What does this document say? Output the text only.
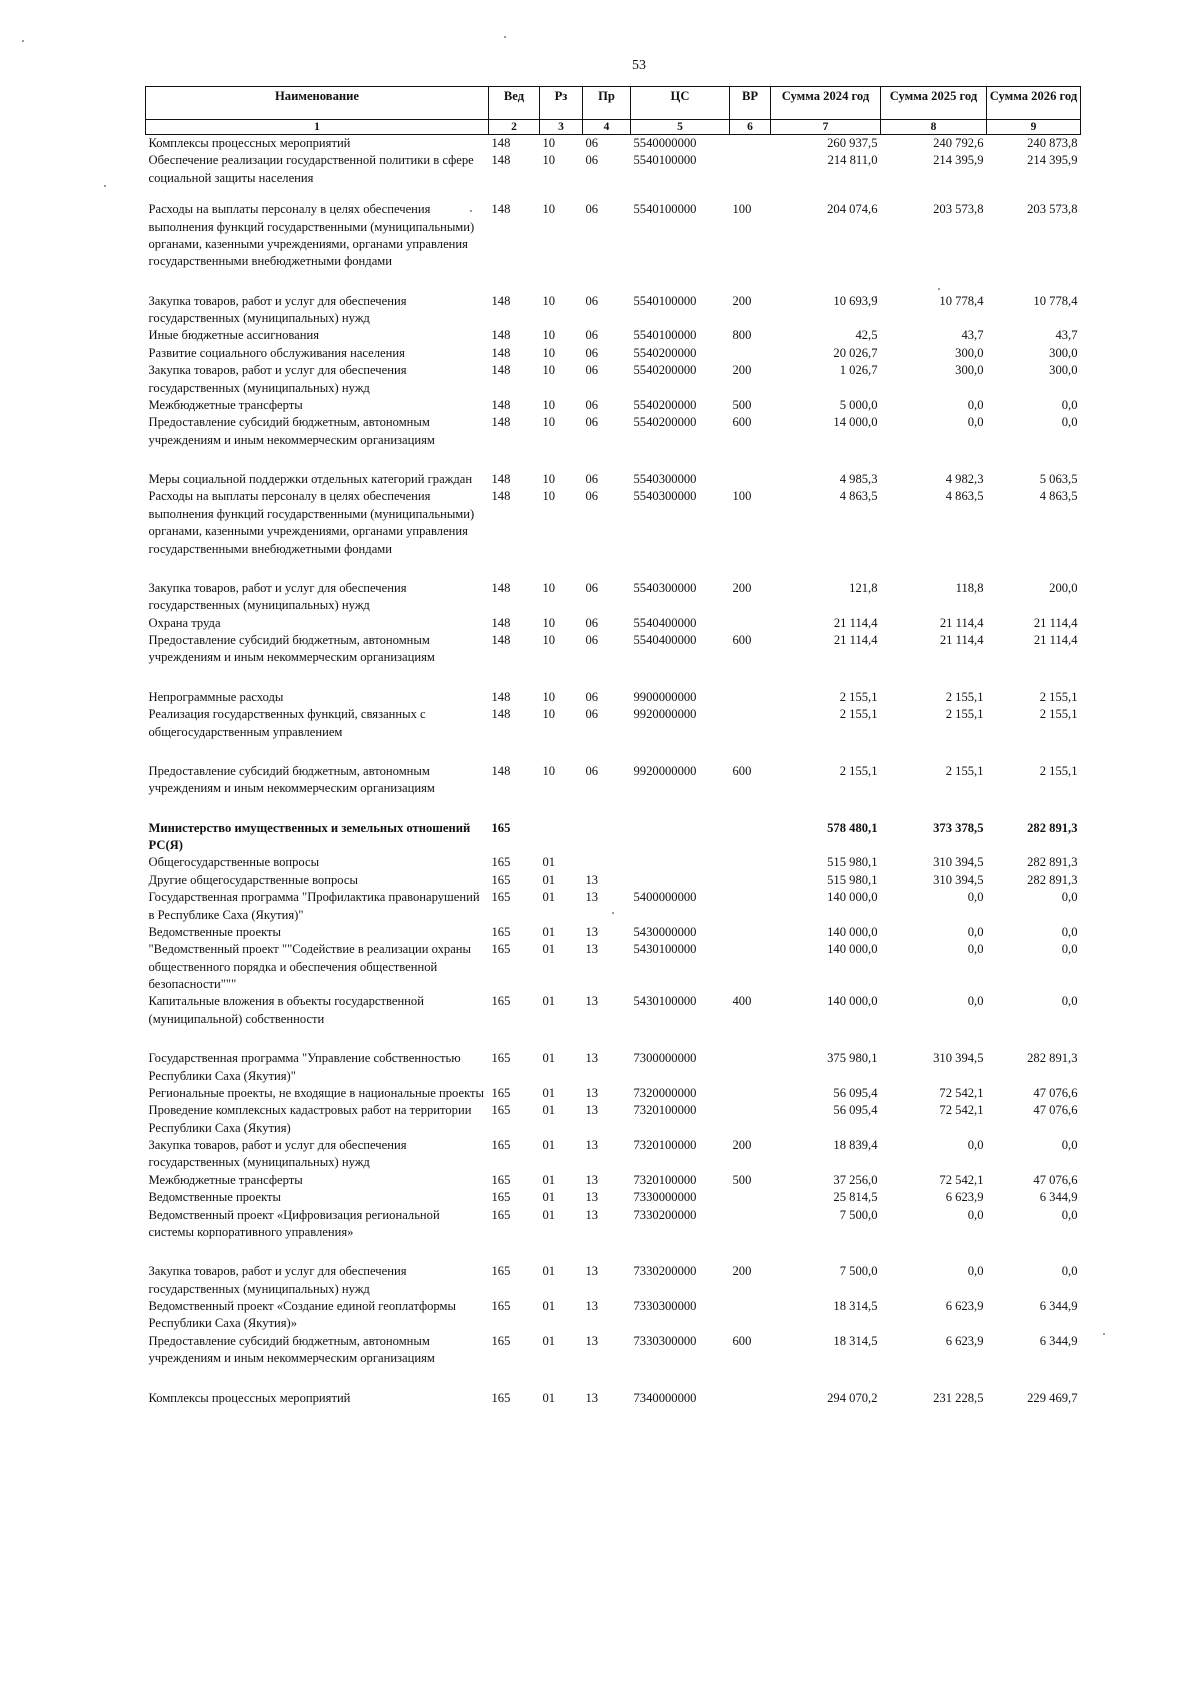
53
Наименование	Вед	Рз	Пр	ЦС	ВР	Сумма 2024 год	Сумма 2025 год	Сумма 2026 год
1	2	3	4	5	6	7	8	9
Комплексы процессных мероприятий	148	10	06	5540000000		260 937,5	240 792,6	240 873,8
Обеспечение реализации государственной политики в сфере социальной защиты населения	148	10	06	5540100000		214 811,0	214 395,9	214 395,9
Расходы на выплаты персоналу в целях обеспечения выполнения функций государственными (муниципальными) органами, казенными учреждениями, органами управления государственными внебюджетными фондами	148	10	06	5540100000	100	204 074,6	203 573,8	203 573,8
Закупка товаров, работ и услуг для обеспечения государственных (муниципальных) нужд	148	10	06	5540100000	200	10 693,9	10 778,4	10 778,4
Иные бюджетные ассигнования	148	10	06	5540100000	800	42,5	43,7	43,7
Развитие социального обслуживания населения	148	10	06	5540200000		20 026,7	300,0	300,0
Закупка товаров, работ и услуг для обеспечения государственных (муниципальных) нужд	148	10	06	5540200000	200	1 026,7	300,0	300,0
Межбюджетные трансферты	148	10	06	5540200000	500	5 000,0	0,0	0,0
Предоставление субсидий бюджетным, автономным учреждениям и иным некоммерческим организациям	148	10	06	5540200000	600	14 000,0	0,0	0,0
Меры социальной поддержки отдельных категорий граждан	148	10	06	5540300000		4 985,3	4 982,3	5 063,5
Расходы на выплаты персоналу в целях обеспечения выполнения функций государственными (муниципальными) органами, казенными учреждениями, органами управления государственными внебюджетными фондами	148	10	06	5540300000	100	4 863,5	4 863,5	4 863,5
Закупка товаров, работ и услуг для обеспечения государственных (муниципальных) нужд	148	10	06	5540300000	200	121,8	118,8	200,0
Охрана труда	148	10	06	5540400000		21 114,4	21 114,4	21 114,4
Предоставление субсидий бюджетным, автономным учреждениям и иным некоммерческим организациям	148	10	06	5540400000	600	21 114,4	21 114,4	21 114,4
Непрограммные расходы	148	10	06	9900000000		2 155,1	2 155,1	2 155,1
Реализация государственных функций, связанных с общегосударственным управлением	148	10	06	9920000000		2 155,1	2 155,1	2 155,1
Предоставление субсидий бюджетным, автономным учреждениям и иным некоммерческим организациям	148	10	06	9920000000	600	2 155,1	2 155,1	2 155,1
Министерство имущественных и земельных отношений РС(Я)	165					578 480,1	373 378,5	282 891,3
Общегосударственные вопросы	165	01				515 980,1	310 394,5	282 891,3
Другие общегосударственные вопросы	165	01	13			515 980,1	310 394,5	282 891,3
Государственная программа "Профилактика правонарушений в Республике Саха (Якутия)"	165	01	13	5400000000		140 000,0	0,0	0,0
Ведомственные проекты	165	01	13	5430000000		140 000,0	0,0	0,0
"Ведомственный проект ""Содействие в реализации охраны общественного порядка и обеспечения общественной безопасности"""	165	01	13	5430100000		140 000,0	0,0	0,0
Капитальные вложения в объекты государственной (муниципальной) собственности	165	01	13	5430100000	400	140 000,0	0,0	0,0
Государственная программа "Управление собственностью Республики Саха (Якутия)"	165	01	13	7300000000		375 980,1	310 394,5	282 891,3
Региональные проекты, не входящие в национальные проекты	165	01	13	7320000000		56 095,4	72 542,1	47 076,6
Проведение комплексных кадастровых работ на территории Республики Саха (Якутия)	165	01	13	7320100000		56 095,4	72 542,1	47 076,6
Закупка товаров, работ и услуг для обеспечения государственных (муниципальных) нужд	165	01	13	7320100000	200	18 839,4	0,0	0,0
Межбюджетные трансферты	165	01	13	7320100000	500	37 256,0	72 542,1	47 076,6
Ведомственные проекты	165	01	13	7330000000		25 814,5	6 623,9	6 344,9
Ведомственный проект «Цифровизация региональной системы корпоративного управления»	165	01	13	7330200000		7 500,0	0,0	0,0
Закупка товаров, работ и услуг для обеспечения государственных (муниципальных) нужд	165	01	13	7330200000	200	7 500,0	0,0	0,0
Ведомственный проект «Создание единой геоплатформы Республики Саха (Якутия)»	165	01	13	7330300000		18 314,5	6 623,9	6 344,9
Предоставление субсидий бюджетным, автономным учреждениям и иным некоммерческим организациям	165	01	13	7330300000	600	18 314,5	6 623,9	6 344,9
Комплексы процессных мероприятий	165	01	13	7340000000		294 070,2	231 228,5	229 469,7
